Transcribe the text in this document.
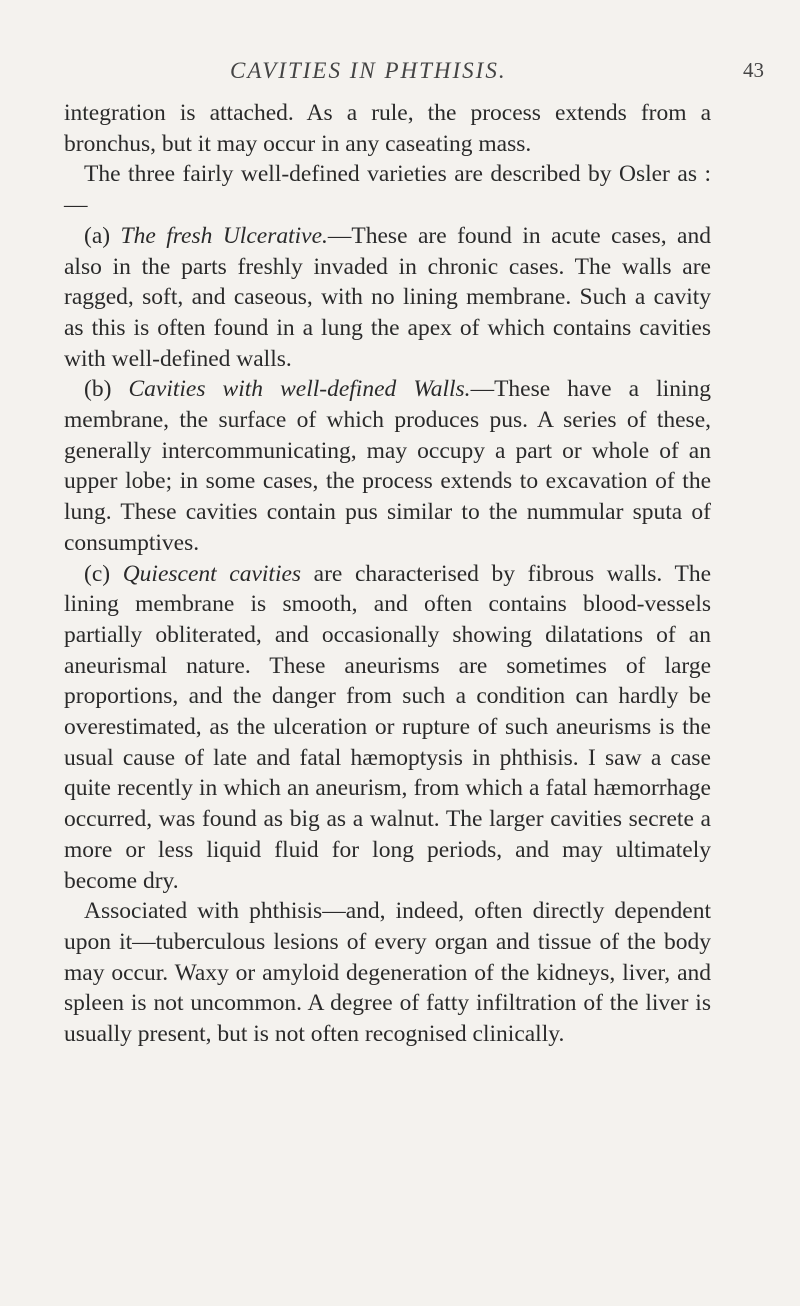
CAVITIES IN PHTHISIS.	43

integration is attached. As a rule, the process extends from a bronchus, but it may occur in any caseating mass.

The three fairly well-defined varieties are described by Osler as :—

(a) The fresh Ulcerative.—These are found in acute cases, and also in the parts freshly invaded in chronic cases. The walls are ragged, soft, and caseous, with no lining membrane. Such a cavity as this is often found in a lung the apex of which contains cavities with well-defined walls.

(b) Cavities with well-defined Walls.—These have a lining membrane, the surface of which produces pus. A series of these, generally intercommunicating, may occupy a part or whole of an upper lobe; in some cases, the process extends to excavation of the lung. These cavities contain pus similar to the nummular sputa of consumptives.

(c) Quiescent cavities are characterised by fibrous walls. The lining membrane is smooth, and often contains blood-vessels partially obliterated, and occasionally showing dilatations of an aneurismal nature. These aneurisms are sometimes of large proportions, and the danger from such a condition can hardly be overestimated, as the ulceration or rupture of such aneurisms is the usual cause of late and fatal hæmoptysis in phthisis. I saw a case quite recently in which an aneurism, from which a fatal hæmorrhage occurred, was found as big as a walnut. The larger cavities secrete a more or less liquid fluid for long periods, and may ultimately become dry.

Associated with phthisis—and, indeed, often directly dependent upon it—tuberculous lesions of every organ and tissue of the body may occur. Waxy or amyloid degeneration of the kidneys, liver, and spleen is not uncommon. A degree of fatty infiltration of the liver is usually present, but is not often recognised clinically.
